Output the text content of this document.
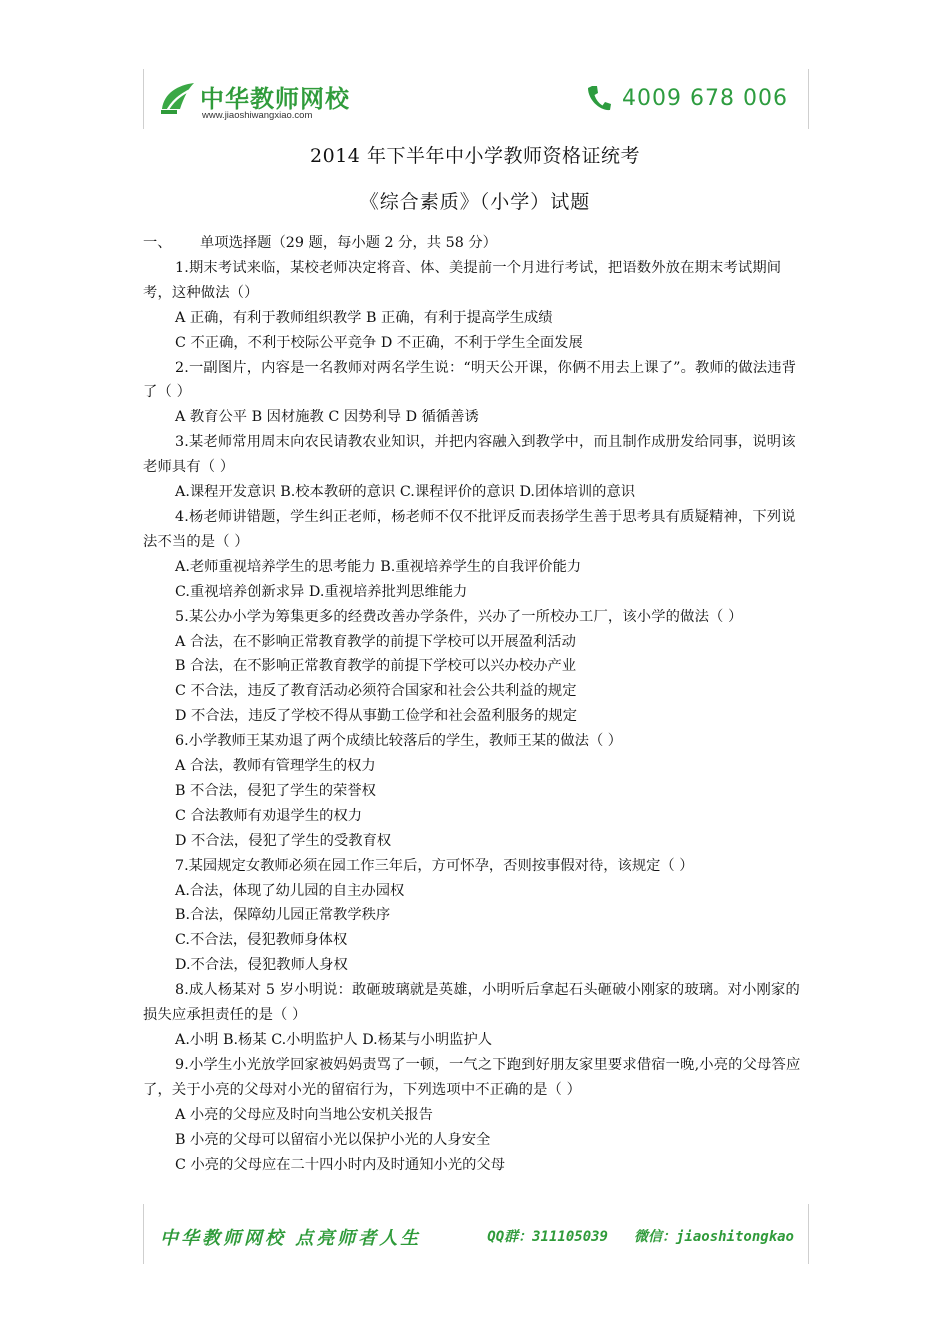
中华教师网校
www.jiaoshiwangxiao.com
4009 678 006
2014 年下半年中小学教师资格证统考
《综合素质》（小学）试题

一、 单项选择题（29 题，每小题 2 分，共 58 分）

1.期末考试来临，某校老师决定将音、体、美提前一个月进行考试，把语数外放在期末考试期间考，这种做法（）

A 正确，有利于教师组织教学 B 正确，有利于提高学生成绩

C 不正确，不利于校际公平竞争 D 不正确，不利于学生全面发展

2.一副图片，内容是一名教师对两名学生说：“明天公开课，你俩不用去上课了”。教师的做法违背了（ ）

A 教育公平 B 因材施教 C 因势利导 D 循循善诱

3.某老师常用周末向农民请教农业知识，并把内容融入到教学中，而且制作成册发给同事，说明该老师具有（ ）

A.课程开发意识 B.校本教研的意识 C.课程评价的意识 D.团体培训的意识

4.杨老师讲错题，学生纠正老师，杨老师不仅不批评反而表扬学生善于思考具有质疑精神，下列说法不当的是（ ）

A.老师重视培养学生的思考能力 B.重视培养学生的自我评价能力

C.重视培养创新求异 D.重视培养批判思维能力

5.某公办小学为筹集更多的经费改善办学条件，兴办了一所校办工厂，该小学的做法（ ）

A 合法，在不影响正常教育教学的前提下学校可以开展盈利活动

B 合法，在不影响正常教育教学的前提下学校可以兴办校办产业

C 不合法，违反了教育活动必须符合国家和社会公共利益的规定

D 不合法，违反了学校不得从事勤工俭学和社会盈利服务的规定

6.小学教师王某劝退了两个成绩比较落后的学生，教师王某的做法（ ）

A 合法，教师有管理学生的权力

B 不合法，侵犯了学生的荣誉权

C 合法教师有劝退学生的权力

D 不合法，侵犯了学生的受教育权

7.某园规定女教师必须在园工作三年后，方可怀孕，否则按事假对待，该规定（ ）

A.合法，体现了幼儿园的自主办园权

B.合法，保障幼儿园正常教学秩序

C.不合法，侵犯教师身体权

D.不合法，侵犯教师人身权

8.成人杨某对 5 岁小明说：敢砸玻璃就是英雄，小明听后拿起石头砸破小刚家的玻璃。对小刚家的损失应承担责任的是（ ）

A.小明 B.杨某 C.小明监护人 D.杨某与小明监护人

9.小学生小光放学回家被妈妈责骂了一顿，一气之下跑到好朋友家里要求借宿一晚,小亮的父母答应了，关于小亮的父母对小光的留宿行为，下列选项中不正确的是（ ）

A 小亮的父母应及时向当地公安机关报告

B 小亮的父母可以留宿小光以保护小光的人身安全

C 小亮的父母应在二十四小时内及时通知小光的父母

中华教师网校 点亮师者人生	QQ群：311105039 微信：jiaoshitongkao
